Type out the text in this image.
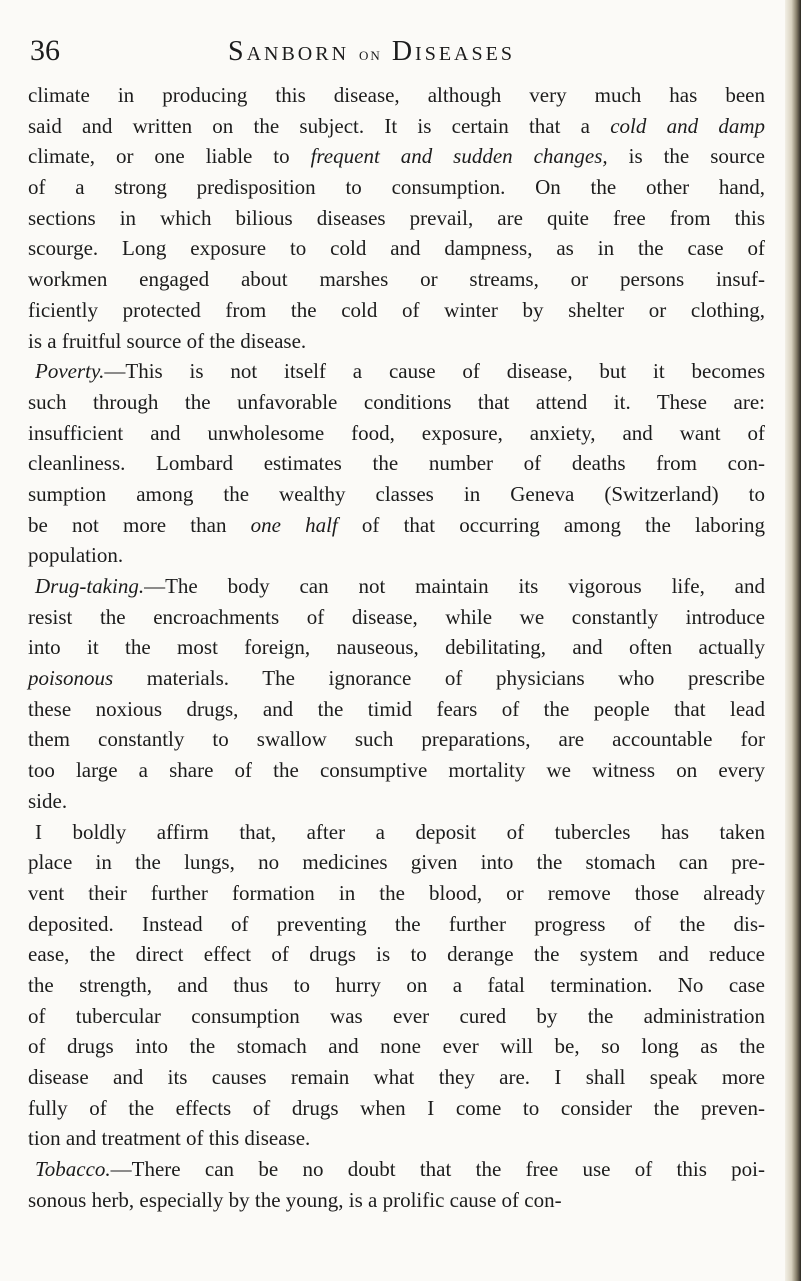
36	Sanborn on Diseases
climate in producing this disease, although very much has been
said and written on the subject. It is certain that a cold and damp
climate, or one liable to frequent and sudden changes, is the source
of a strong predisposition to consumption. On the other hand,
sections in which bilious diseases prevail, are quite free from this
scourge. Long exposure to cold and dampness, as in the case of
workmen engaged about marshes or streams, or persons insuf-
ficiently protected from the cold of winter by shelter or clothing,
is a fruitful source of the disease.
Poverty.—This is not itself a cause of disease, but it becomes
such through the unfavorable conditions that attend it. These are:
insufficient and unwholesome food, exposure, anxiety, and want of
cleanliness. Lombard estimates the number of deaths from con-
sumption among the wealthy classes in Geneva (Switzerland) to
be not more than one half of that occurring among the laboring
population.
Drug-taking.—The body can not maintain its vigorous life, and
resist the encroachments of disease, while we constantly introduce
into it the most foreign, nauseous, debilitating, and often actually
poisonous materials. The ignorance of physicians who prescribe
these noxious drugs, and the timid fears of the people that lead
them constantly to swallow such preparations, are accountable for
too large a share of the consumptive mortality we witness on every
side.
I boldly affirm that, after a deposit of tubercles has taken
place in the lungs, no medicines given into the stomach can pre-
vent their further formation in the blood, or remove those already
deposited. Instead of preventing the further progress of the dis-
ease, the direct effect of drugs is to derange the system and reduce
the strength, and thus to hurry on a fatal termination. No case
of tubercular consumption was ever cured by the administration
of drugs into the stomach and none ever will be, so long as the
disease and its causes remain what they are. I shall speak more
fully of the effects of drugs when I come to consider the preven-
tion and treatment of this disease.
Tobacco.—There can be no doubt that the free use of this poi-
sonous herb, especially by the young, is a prolific cause of con-
